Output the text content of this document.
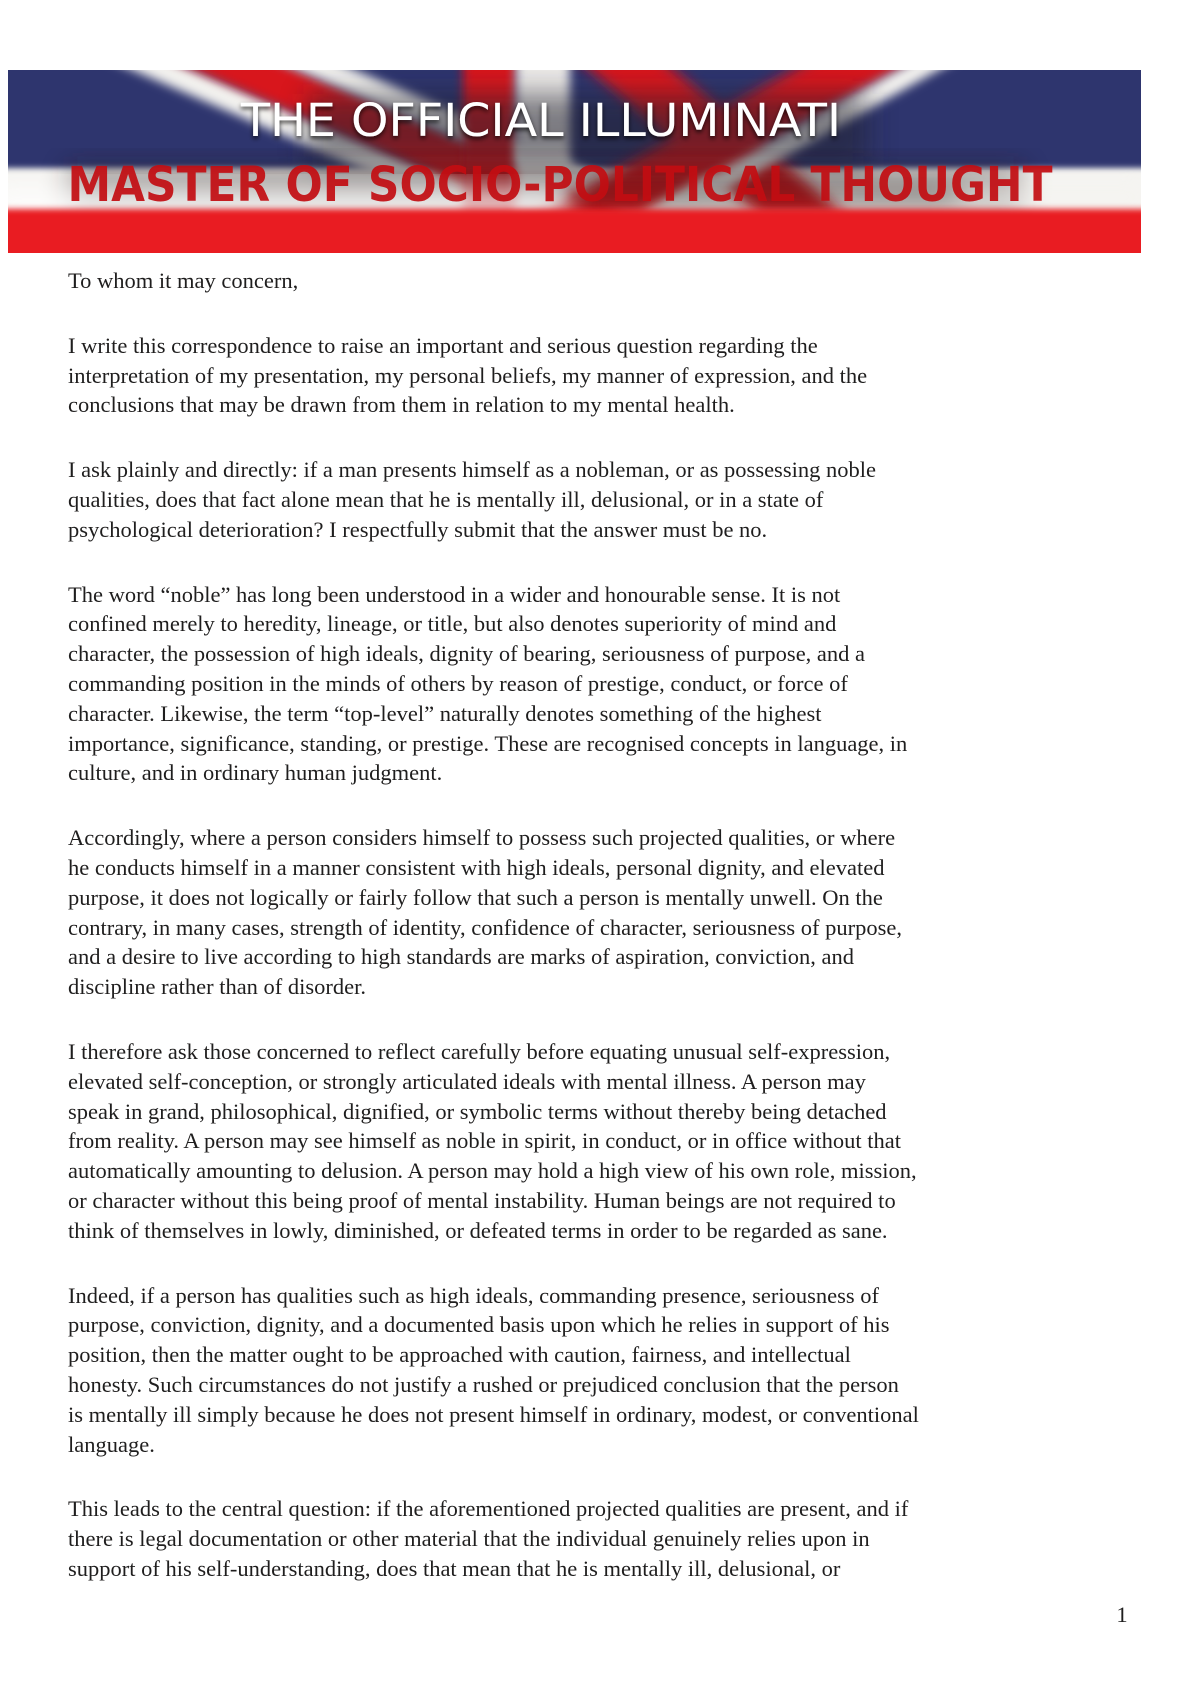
THE OFFICIAL ILLUMINATI
MASTER OF SOCIO-POLITICAL THOUGHT
To whom it may concern,
I write this correspondence to raise an important and serious question regarding the
interpretation of my presentation, my personal beliefs, my manner of expression, and the
conclusions that may be drawn from them in relation to my mental health.
I ask plainly and directly: if a man presents himself as a nobleman, or as possessing noble
qualities, does that fact alone mean that he is mentally ill, delusional, or in a state of
psychological deterioration? I respectfully submit that the answer must be no.
The word “noble” has long been understood in a wider and honourable sense. It is not
confined merely to heredity, lineage, or title, but also denotes superiority of mind and
character, the possession of high ideals, dignity of bearing, seriousness of purpose, and a
commanding position in the minds of others by reason of prestige, conduct, or force of
character. Likewise, the term “top-level” naturally denotes something of the highest
importance, significance, standing, or prestige. These are recognised concepts in language, in
culture, and in ordinary human judgment.
Accordingly, where a person considers himself to possess such projected qualities, or where
he conducts himself in a manner consistent with high ideals, personal dignity, and elevated
purpose, it does not logically or fairly follow that such a person is mentally unwell. On the
contrary, in many cases, strength of identity, confidence of character, seriousness of purpose,
and a desire to live according to high standards are marks of aspiration, conviction, and
discipline rather than of disorder.
I therefore ask those concerned to reflect carefully before equating unusual self-expression,
elevated self-conception, or strongly articulated ideals with mental illness. A person may
speak in grand, philosophical, dignified, or symbolic terms without thereby being detached
from reality. A person may see himself as noble in spirit, in conduct, or in office without that
automatically amounting to delusion. A person may hold a high view of his own role, mission,
or character without this being proof of mental instability. Human beings are not required to
think of themselves in lowly, diminished, or defeated terms in order to be regarded as sane.
Indeed, if a person has qualities such as high ideals, commanding presence, seriousness of
purpose, conviction, dignity, and a documented basis upon which he relies in support of his
position, then the matter ought to be approached with caution, fairness, and intellectual
honesty. Such circumstances do not justify a rushed or prejudiced conclusion that the person
is mentally ill simply because he does not present himself in ordinary, modest, or conventional
language.
This leads to the central question: if the aforementioned projected qualities are present, and if
there is legal documentation or other material that the individual genuinely relies upon in
support of his self-understanding, does that mean that he is mentally ill, delusional, or
1
